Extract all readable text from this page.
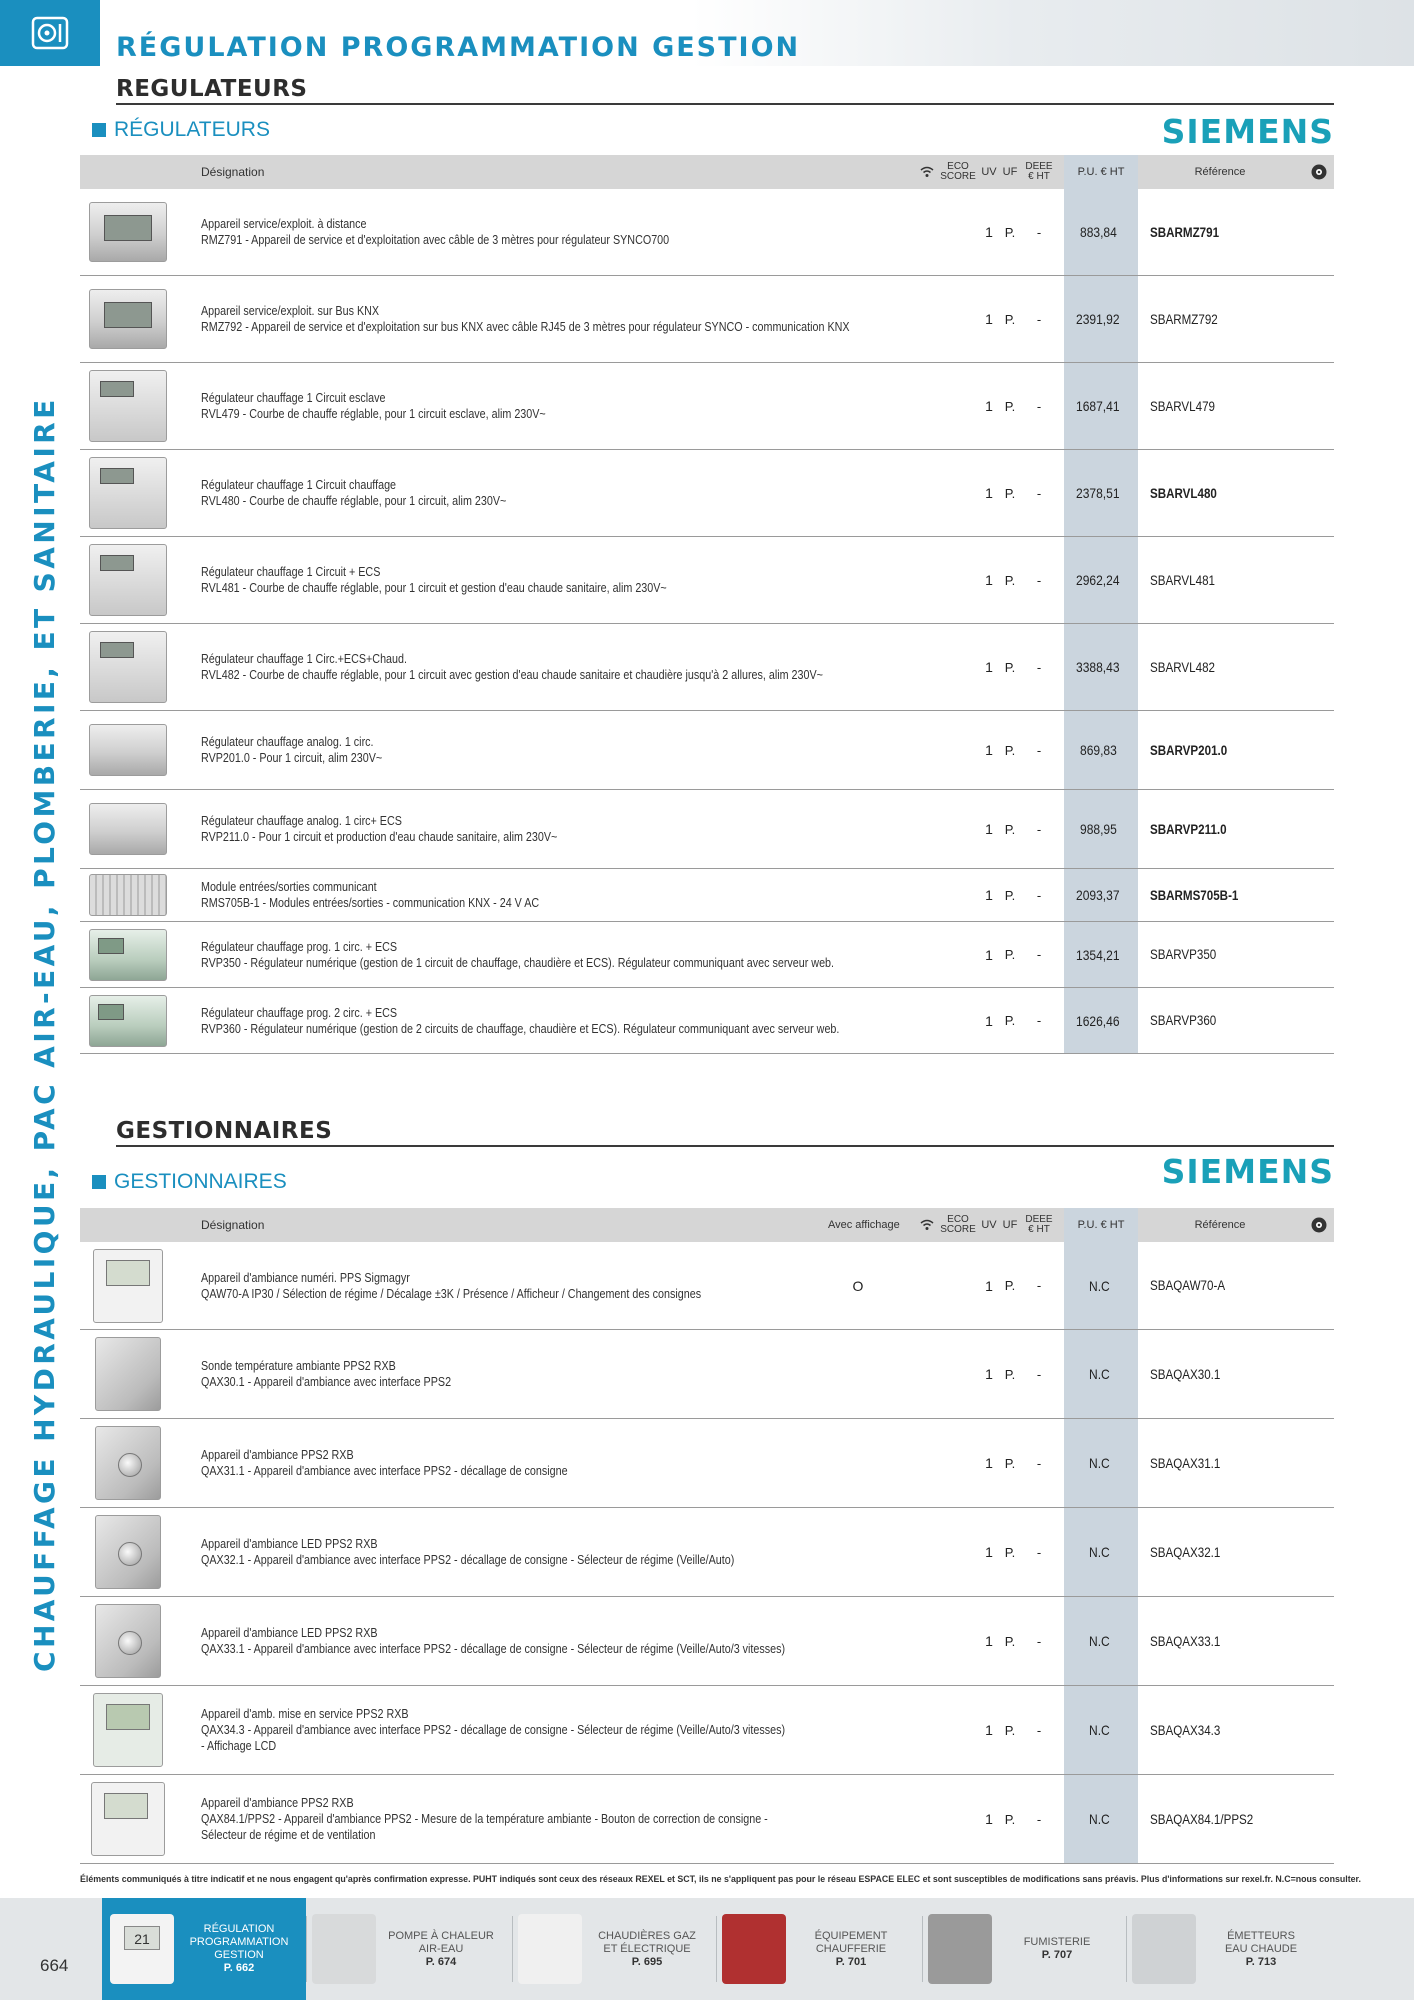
RÉGULATION PROGRAMMATION GESTION
CHAUFFAGE HYDRAULIQUE, PAC AIR-EAU, PLOMBERIE, ET SANITAIRE
REGULATEURS
RÉGULATEURS	SIEMENS
Désignation	ECO
SCORE UV UF DEEE
€ HT	P.U. € HT	Référence
Appareil service/exploit. à distance
RMZ791 - Appareil de service et d'exploitation avec câble de 3 mètres pour régulateur SYNCO700	1 P.	-	883,84 SBARMZ791
Appareil service/exploit. sur Bus KNX
RMZ792 - Appareil de service et d'exploitation sur bus KNX avec câble RJ45 de 3 mètres pour régulateur SYNCO - communication KNX	1 P.	-	2391,92 SBARMZ792
Régulateur chauffage 1 Circuit esclave
RVL479 - Courbe de chauffe réglable, pour 1 circuit esclave, alim 230V~	1 P.	-	1687,41 SBARVL479
Régulateur chauffage 1 Circuit chauffage
RVL480 - Courbe de chauffe réglable, pour 1 circuit, alim 230V~	1 P.	-	2378,51 SBARVL480
Régulateur chauffage 1 Circuit + ECS
RVL481 - Courbe de chauffe réglable, pour 1 circuit et gestion d'eau chaude sanitaire, alim 230V~	1 P.	-	2962,24 SBARVL481
Régulateur chauffage 1 Circ.+ECS+Chaud.
RVL482 - Courbe de chauffe réglable, pour 1 circuit avec gestion d'eau chaude sanitaire et chaudière jusqu'à 2 allures, alim 230V~	1 P.	-	3388,43 SBARVL482
Régulateur chauffage analog. 1 circ.
RVP201.0 - Pour 1 circuit, alim 230V~	1 P.	-	869,83 SBARVP201.0
Régulateur chauffage analog. 1 circ+ ECS
RVP211.0 - Pour 1 circuit et production d'eau chaude sanitaire, alim 230V~	1 P.	-	988,95 SBARVP211.0
Module entrées/sorties communicant
RMS705B-1 - Modules entrées/sorties - communication KNX - 24 V AC	1 P.	-	2093,37 SBARMS705B-1
Régulateur chauffage prog. 1 circ. + ECS
RVP350 - Régulateur numérique (gestion de 1 circuit de chauffage, chaudière et ECS). Régulateur communiquant avec serveur web.	1 P.	-	1354,21 SBARVP350
Régulateur chauffage prog. 2 circ. + ECS
RVP360 - Régulateur numérique (gestion de 2 circuits de chauffage, chaudière et ECS). Régulateur communiquant avec serveur web.	1 P.	-	1626,46 SBARVP360
GESTIONNAIRES
GESTIONNAIRES	SIEMENS
Désignation	Avec affichage	ECO
SCORE UV UF DEEE
€ HT	P.U. € HT	Référence
Appareil d'ambiance numéri. PPS Sigmagyr
QAW70-A IP30 / Sélection de régime / Décalage ±3K / Présence / Afficheur / Changement des consignes	O	1 P.	-	N.C	SBAQAW70-A
Sonde température ambiante PPS2 RXB
QAX30.1 - Appareil d'ambiance avec interface PPS2	1 P.	-	N.C	SBAQAX30.1
Appareil d'ambiance PPS2 RXB
QAX31.1 - Appareil d'ambiance avec interface PPS2 - décallage de consigne	1 P.	-	N.C	SBAQAX31.1
Appareil d'ambiance LED PPS2 RXB
QAX32.1 - Appareil d'ambiance avec interface PPS2 - décallage de consigne - Sélecteur de régime (Veille/Auto)	1 P.	-	N.C	SBAQAX32.1
Appareil d'ambiance LED PPS2 RXB
QAX33.1 - Appareil d'ambiance avec interface PPS2 - décallage de consigne - Sélecteur de régime (Veille/Auto/3 vitesses)	1 P.	-	N.C	SBAQAX33.1
Appareil d'amb. mise en service PPS2 RXB
QAX34.3 - Appareil d'ambiance avec interface PPS2 - décallage de consigne - Sélecteur de régime (Veille/Auto/3 vitesses)
- Affichage LCD
1 P.	-	N.C	SBAQAX34.3
Appareil d'ambiance PPS2 RXB
QAX84.1/PPS2 - Appareil d'ambiance PPS2 - Mesure de la température ambiante - Bouton de correction de consigne -
Sélecteur de régime et de ventilation
1 P.	-	N.C	SBAQAX84.1/PPS2
Éléments communiqués à titre indicatif et ne nous engagent qu'après confirmation expresse. PUHT indiqués sont ceux des réseaux REXEL et SCT, ils ne s'appliquent pas pour le réseau ESPACE ELEC et sont susceptibles de modifications sans préavis. Plus d'informations sur rexel.fr. N.C=nous consulter.
664
21
RÉGULATION
PROGRAMMATION
GESTION
P. 662
POMPE À CHALEUR
AIR-EAU
P. 674
CHAUDIÈRES GAZ
ET ÉLECTRIQUE
P. 695
ÉQUIPEMENT
CHAUFFERIE
P. 701
FUMISTERIE
P. 707
ÉMETTEURS
EAU CHAUDE
P. 713
